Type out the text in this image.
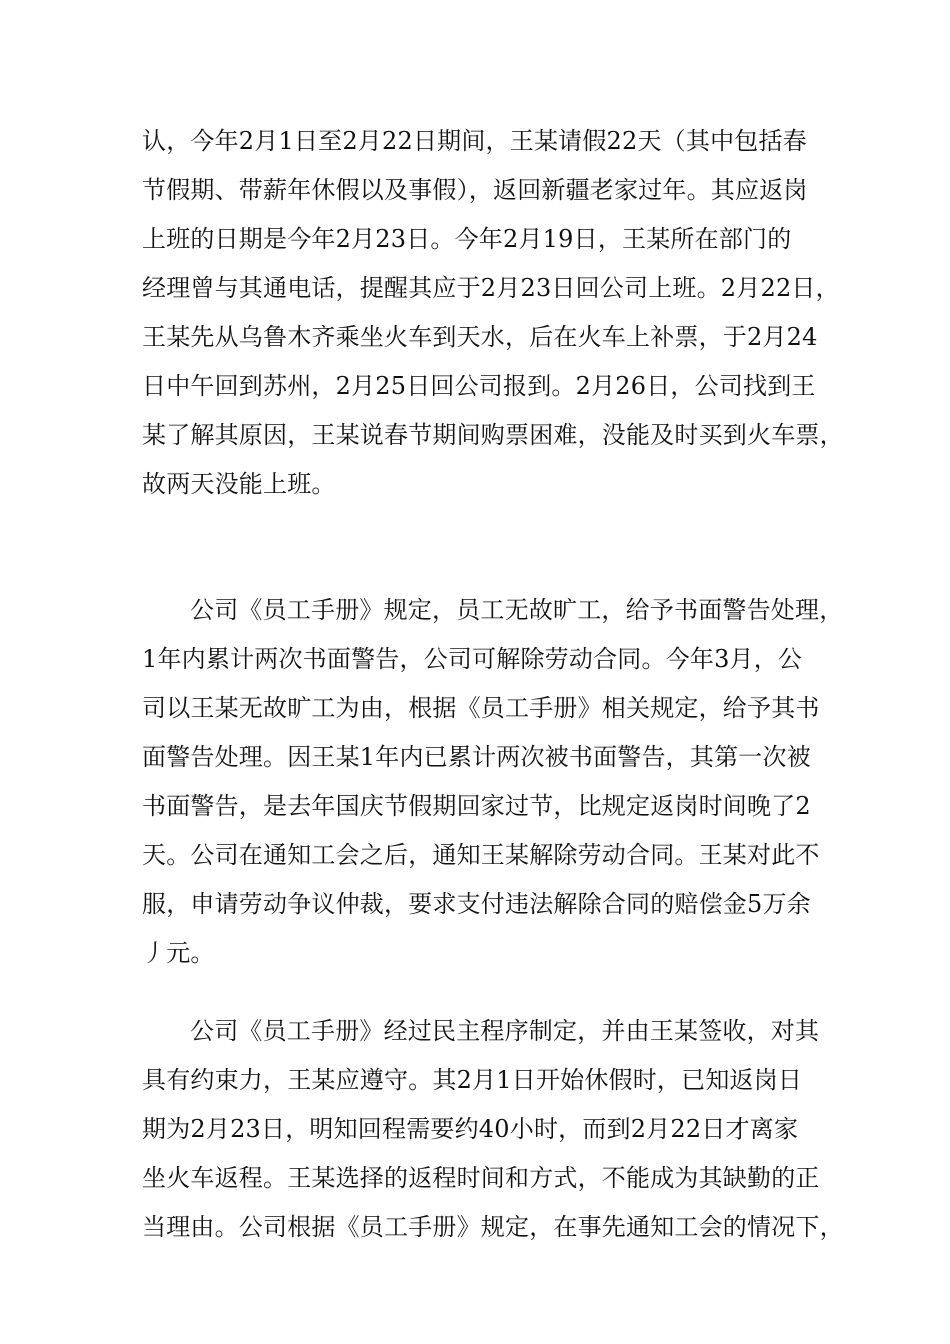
认，今年2月1日至2月22日期间，王某请假22天（其中包括春
节假期、带薪年休假以及事假），返回新疆老家过年。其应返岗
上班的日期是今年2月23日。今年2月19日，王某所在部门的
经理曾与其通电话，提醒其应于2月23日回公司上班。2月22日，
王某先从乌鲁木齐乘坐火车到天水，后在火车上补票，于2月24
日中午回到苏州，2月25日回公司报到。2月26日，公司找到王
某了解其原因，王某说春节期间购票困难，没能及时买到火车票，
故两天没能上班。
公司《员工手册》规定，员工无故旷工，给予书面警告处理，
1年内累计两次书面警告，公司可解除劳动合同。今年3月，公
司以王某无故旷工为由，根据《员工手册》相关规定，给予其书
面警告处理。因王某1年内已累计两次被书面警告，其第一次被
书面警告，是去年国庆节假期回家过节，比规定返岗时间晚了2
天。公司在通知工会之后，通知王某解除劳动合同。王某对此不
服，申请劳动争议仲裁，要求支付违法解除合同的赔偿金5万余
丿元。
公司《员工手册》经过民主程序制定，并由王某签收，对其
具有约束力，王某应遵守。其2月1日开始休假时，已知返岗日
期为2月23日，明知回程需要约40小时，而到2月22日才离家
坐火车返程。王某选择的返程时间和方式，不能成为其缺勤的正
当理由。公司根据《员工手册》规定，在事先通知工会的情况下，
